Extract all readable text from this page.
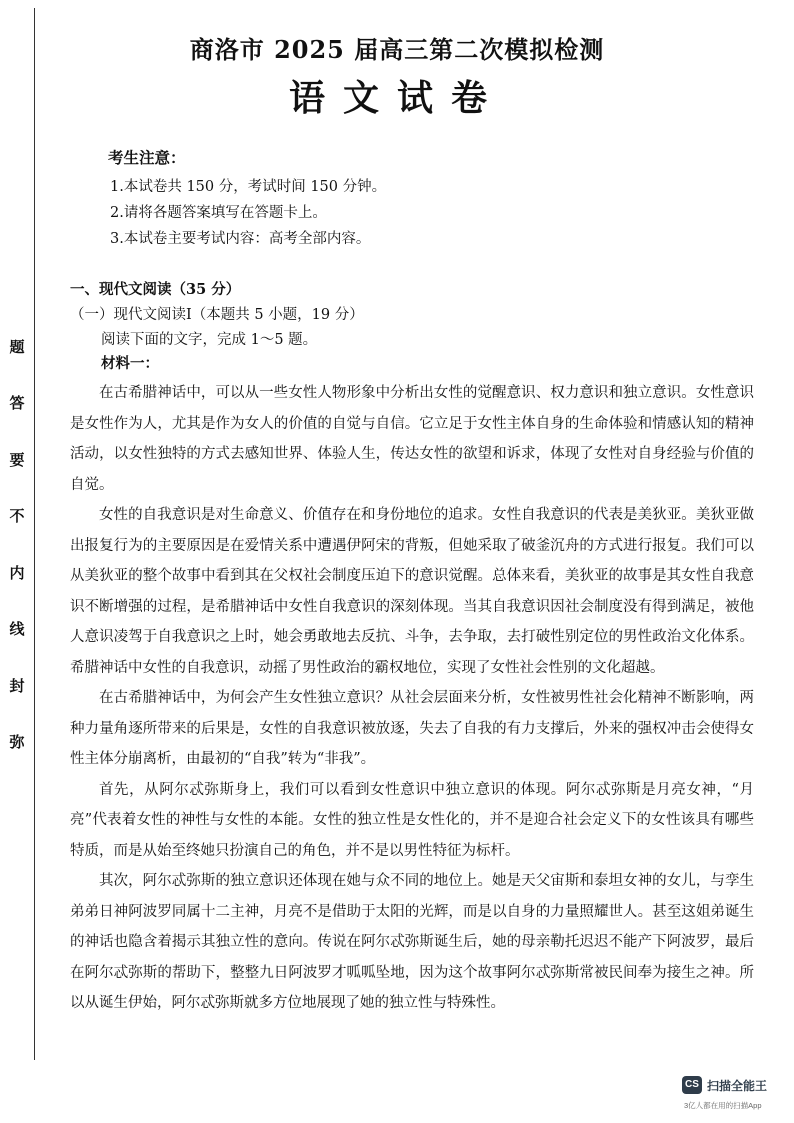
题
答
要
不
内
线
封
弥
商洛市 2025 届高三第二次模拟检测
语文试卷
考生注意：
1.本试卷共 150 分，考试时间 150 分钟。
2.请将各题答案填写在答题卡上。
3.本试卷主要考试内容：高考全部内容。
一、现代文阅读（35 分）
（一）现代文阅读Ⅰ（本题共 5 小题，19 分）
阅读下面的文字，完成 1～5 题。
材料一：

在古希腊神话中，可以从一些女性人物形象中分析出女性的觉醒意识、权力意识和独立意识。女性意识是女性作为人，尤其是作为女人的价值的自觉与自信。它立足于女性主体自身的生命体验和情感认知的精神活动，以女性独特的方式去感知世界、体验人生，传达女性的欲望和诉求，体现了女性对自身经验与价值的自觉。

女性的自我意识是对生命意义、价值存在和身份地位的追求。女性自我意识的代表是美狄亚。美狄亚做出报复行为的主要原因是在爱情关系中遭遇伊阿宋的背叛，但她采取了破釜沉舟的方式进行报复。我们可以从美狄亚的整个故事中看到其在父权社会制度压迫下的意识觉醒。总体来看，美狄亚的故事是其女性自我意识不断增强的过程，是希腊神话中女性自我意识的深刻体现。当其自我意识因社会制度没有得到满足，被他人意识凌驾于自我意识之上时，她会勇敢地去反抗、斗争，去争取，去打破性别定位的男性政治文化体系。希腊神话中女性的自我意识，动摇了男性政治的霸权地位，实现了女性社会性别的文化超越。

在古希腊神话中，为何会产生女性独立意识？从社会层面来分析，女性被男性社会化精神不断影响，两种力量角逐所带来的后果是，女性的自我意识被放逐，失去了自我的有力支撑后，外来的强权冲击会使得女性主体分崩离析，由最初的“自我”转为“非我”。

首先，从阿尔忒弥斯身上，我们可以看到女性意识中独立意识的体现。阿尔忒弥斯是月亮女神，“月亮”代表着女性的神性与女性的本能。女性的独立性是女性化的，并不是迎合社会定义下的女性该具有哪些特质，而是从始至终她只扮演自己的角色，并不是以男性特征为标杆。

其次，阿尔忒弥斯的独立意识还体现在她与众不同的地位上。她是天父宙斯和泰坦女神的女儿，与孪生弟弟日神阿波罗同属十二主神，月亮不是借助于太阳的光辉，而是以自身的力量照耀世人。甚至这姐弟诞生的神话也隐含着揭示其独立性的意向。传说在阿尔忒弥斯诞生后，她的母亲勒托迟迟不能产下阿波罗，最后在阿尔忒弥斯的帮助下，整整九日阿波罗才呱呱坠地，因为这个故事阿尔忒弥斯常被民间奉为接生之神。所以从诞生伊始，阿尔忒弥斯就多方位地展现了她的独立性与特殊性。

CS 扫描全能王
3亿人都在用的扫描App
